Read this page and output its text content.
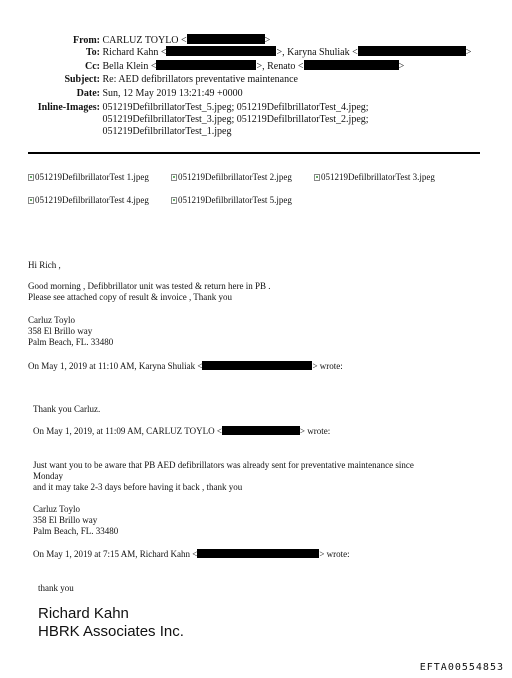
From: CARLUZ TOYLO <	>
To: Richard Kahn <	>, Karyna Shuliak <	>
Cc: Bella Klein <	>, Renato <	>
Subject: Re: AED defibrillators preventative maintenance
Date: Sun, 12 May 2019 13:21:49 +0000
Inline-Images: 051219DefilbrillatorTest_5.jpeg; 051219DefilbrillatorTest_4.jpeg;
051219DefilbrillatorTest_3.jpeg; 051219DefilbrillatorTest_2.jpeg;
051219DefilbrillatorTest_1.jpeg
051219DefilbrillatorTest 1.jpeg	051219DefilbrillatorTest 2.jpeg	051219DefilbrillatorTest 3.jpeg
051219DefilbrillatorTest 4.jpeg	051219DefilbrillatorTest 5.jpeg
Hi Rich ,
Good morning , Defibbrillator unit was tested & return here in PB .
Please see attached copy of result & invoice , Thank you
Carluz Toylo
358 El Brillo way
Palm Beach, FL. 33480
On May 1, 2019 at 11:10 AM, Karyna Shuliak <	> wrote:
Thank you Carluz.
On May 1, 2019, at 11:09 AM, CARLUZ TOYLO <	> wrote:
Just want you to be aware that PB AED defibrillators was already sent for preventative maintenance since
Monday
and it may take 2-3 days before having it back , thank you
Carluz Toylo
358 El Brillo way
Palm Beach, FL. 33480
On May 1, 2019 at 7:15 AM, Richard Kahn <	> wrote:
thank you
Richard Kahn
HBRK Associates Inc.
EFTA00554853
